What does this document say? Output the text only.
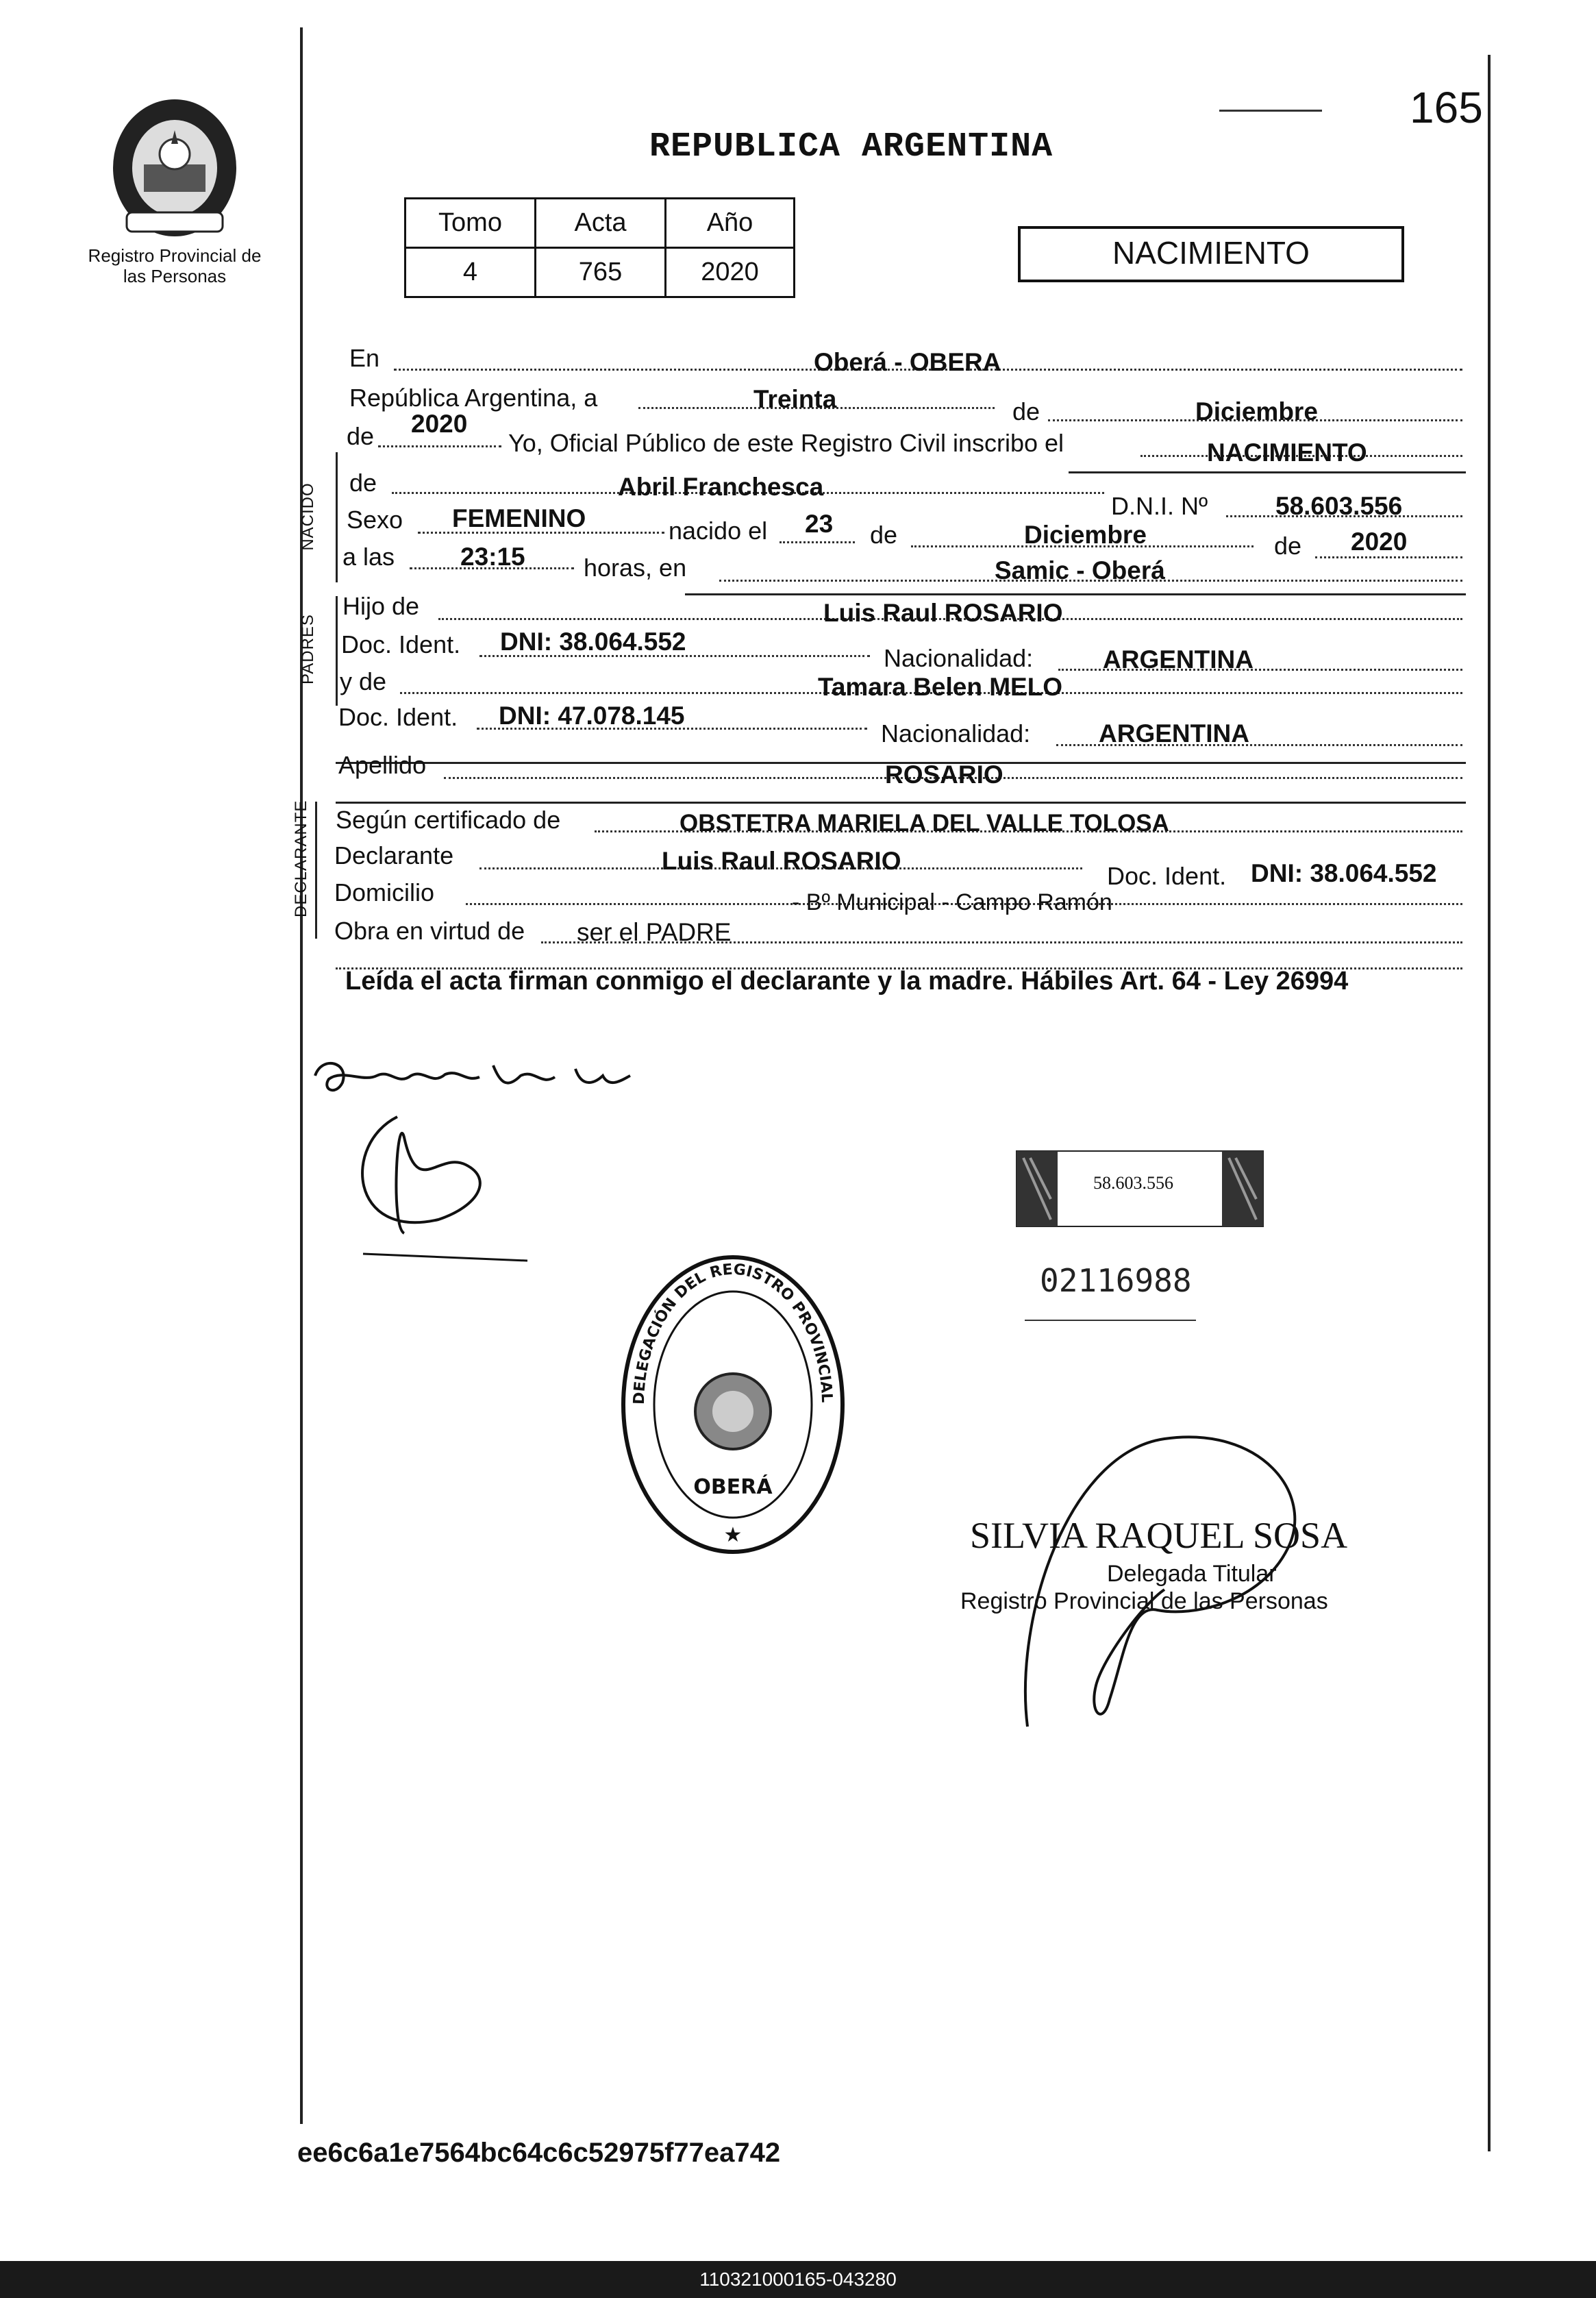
Registro Provincial de las Personas
REPUBLICA ARGENTINA
165
Tomo	Acta	Año
4	765	2020
NACIMIENTO
NACIDO
PADRES
DECLARANTE
En	Oberá - OBERA
República Argentina, a	Treinta	de	Diciembre
de 2020
Yo, Oficial Público de este Registro Civil inscribo el	NACIMIENTO
de	Abril Franchesca
D.N.I. Nº	58.603.556
Sexo FEMENINO	nacido el 23 de	Diciembre	de 2020
a las	23:15 horas, en	Samic - Oberá
Hijo de	Luis Raul ROSARIO
Doc. Ident. DNI: 38.064.552
Nacionalidad:	ARGENTINA
y de	Tamara Belen MELO
Doc. Ident. DNI: 47.078.145
Nacionalidad:	ARGENTINA
Apellido	ROSARIO
Según certificado de	OBSTETRA MARIELA DEL VALLE TOLOSA
Declarante	Luis Raul ROSARIO
Doc. Ident. DNI: 38.064.552
Domicilio	- Bº Municipal - Campo Ramón
Obra en virtud de ser el PADRE
Leída el acta firman conmigo el declarante y la madre. Hábiles Art. 64 - Ley 26994
58.603.556
02116988
DELEGACIÓN DEL REGISTRO PROVINCIAL
OBERÁ
★	SILVIA RAQUEL SOSA
Delegada Titular
Registro Provincial de las Personas
ee6c6a1e7564bc64c6c52975f77ea742
110321000165-043280
